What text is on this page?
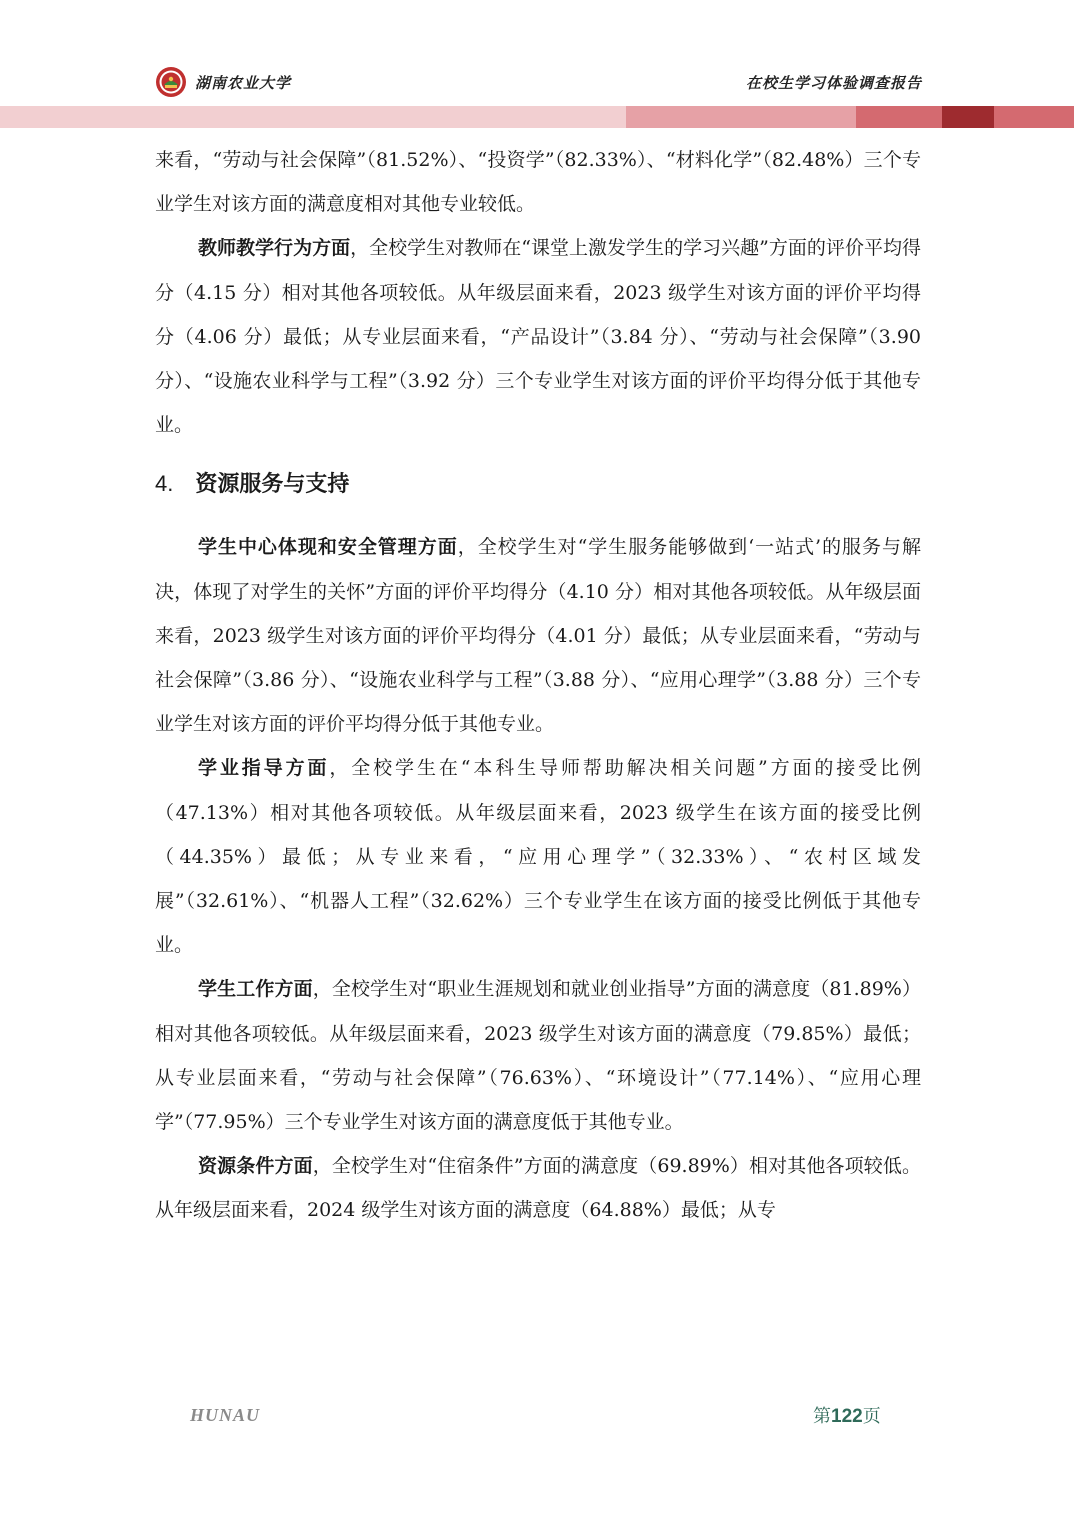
湖南农业大学	在校生学习体验调查报告

来看，“劳动与社会保障”（81.52%）、“投资学”（82.33%）、“材料化学”（82.48%）三个专业学生对该方面的满意度相对其他专业较低。

教师教学行为方面，全校学生对教师在“课堂上激发学生的学习兴趣”方面的评价平均得分（4.15 分）相对其他各项较低。从年级层面来看，2023 级学生对该方面的评价平均得分（4.06 分）最低；从专业层面来看，“产品设计”（3.84 分）、“劳动与社会保障”（3.90 分）、“设施农业科学与工程”（3.92 分）三个专业学生对该方面的评价平均得分低于其他专业。

4. 资源服务与支持

学生中心体现和安全管理方面，全校学生对“学生服务能够做到‘一站式’的服务与解决，体现了对学生的关怀”方面的评价平均得分（4.10 分）相对其他各项较低。从年级层面来看，2023 级学生对该方面的评价平均得分（4.01 分）最低；从专业层面来看，“劳动与社会保障”（3.86 分）、“设施农业科学与工程”（3.88 分）、“应用心理学”（3.88 分）三个专业学生对该方面的评价平均得分低于其他专业。

学业指导方面，全校学生在“本科生导师帮助解决相关问题”方面的接受比例（47.13%）相对其他各项较低。从年级层面来看，2023 级学生在该方面的接受比例（44.35%）最低；从专业来看，“应用心理学”（32.33%）、“农村区域发展”（32.61%）、“机器人工程”（32.62%）三个专业学生在该方面的接受比例低于其他专业。

学生工作方面，全校学生对“职业生涯规划和就业创业指导”方面的满意度（81.89%）相对其他各项较低。从年级层面来看，2023 级学生对该方面的满意度（79.85%）最低；从专业层面来看，“劳动与社会保障”（76.63%）、“环境设计”（77.14%）、“应用心理学”（77.95%）三个专业学生对该方面的满意度低于其他专业。

资源条件方面，全校学生对“住宿条件”方面的满意度（69.89%）相对其他各项较低。从年级层面来看，2024 级学生对该方面的满意度（64.88%）最低；从专

HUNAU	第122页
